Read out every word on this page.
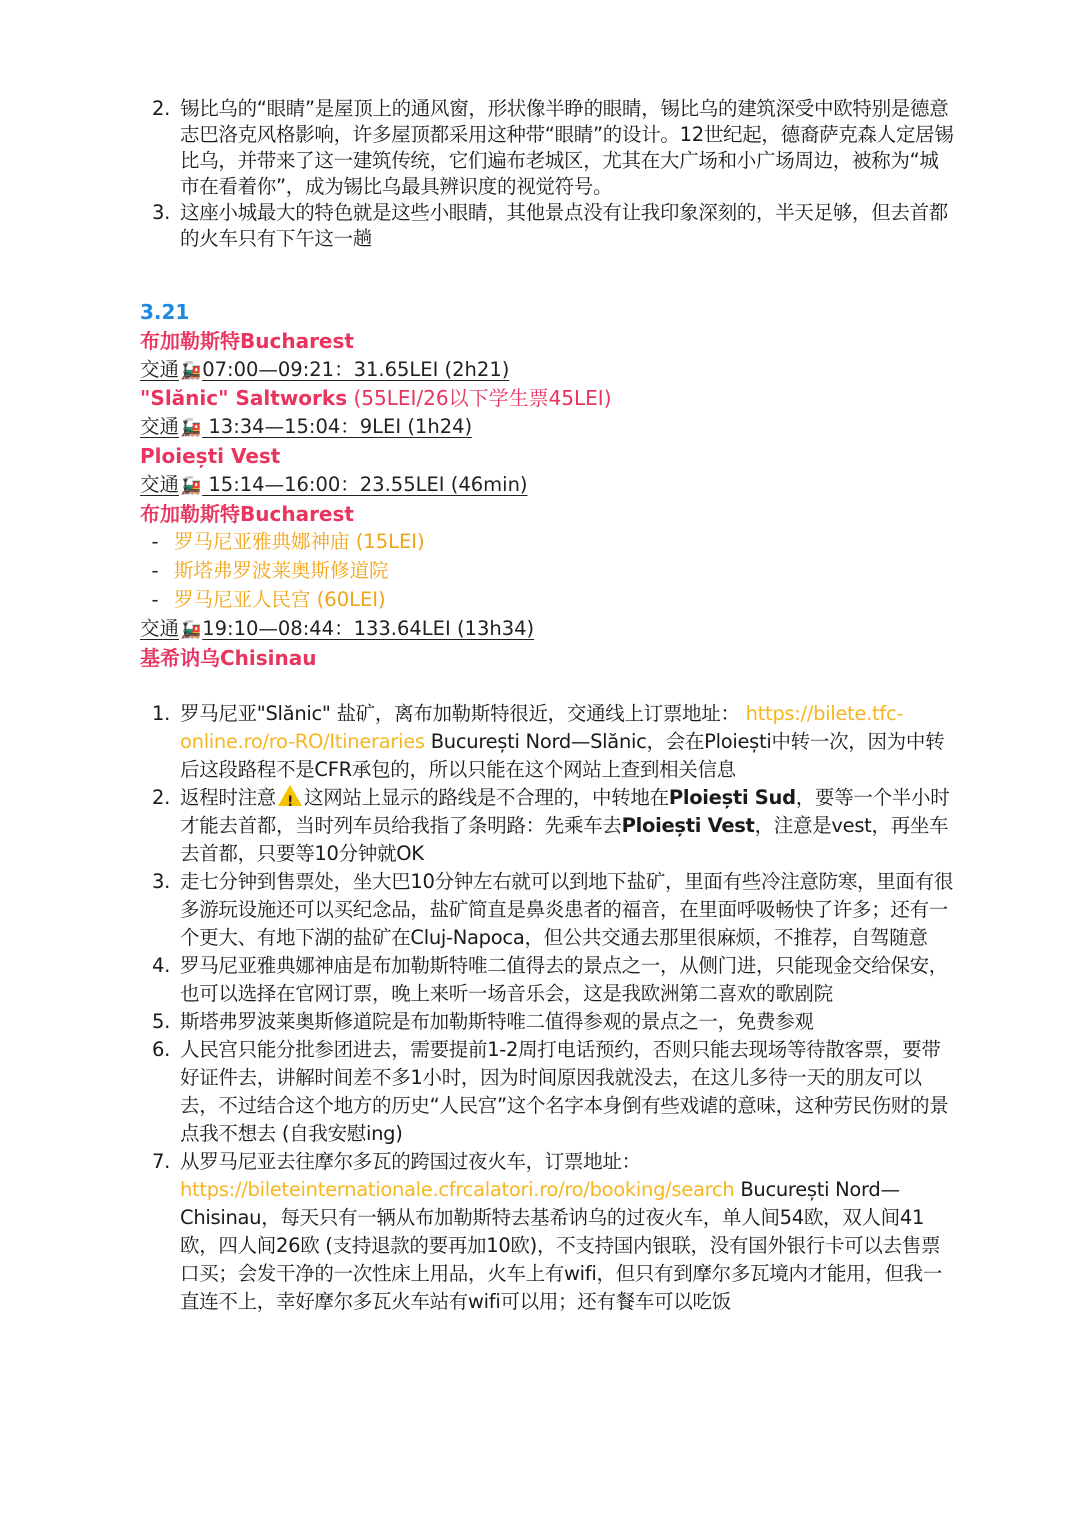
2. 锡比乌的“眼睛”是屋顶上的通风窗，形状像半睁的眼睛，锡比乌的建筑深受中欧特别是德意志巴洛克风格影响，许多屋顶都采用这种带“眼睛”的设计。12世纪起，德裔萨克森人定居锡比乌，并带来了这一建筑传统，它们遍布老城区，尤其在大广场和小广场周边，被称为“城市在看着你”，成为锡比乌最具辨识度的视觉符号。
3. 这座小城最大的特色就是这些小眼睛，其他景点没有让我印象深刻的，半天足够，但去首都的火车只有下午这一趟
3.21
布加勒斯特Bucharest
交通🚂07:00—09:21：31.65LEI (2h21)
"Slănic" Saltworks (55LEI/26以下学生票45LEI)
交通🚂 13:34—15:04：9LEI (1h24)
Ploiești Vest
交通🚂 15:14—16:00：23.55LEI (46min)
布加勒斯特Bucharest
- 罗马尼亚雅典娜神庙 (15LEI)
- 斯塔弗罗波莱奥斯修道院
- 罗马尼亚人民宫 (60LEI)
交通🚂19:10—08:44：133.64LEI (13h34)
基希讷乌Chisinau
1. 罗马尼亚"Slănic" 盐矿，离布加勒斯特很近，交通线上订票地址： https://bilete.tfc-online.ro/ro-RO/Itineraries București Nord—Slănic，会在Ploiești中转一次，因为中转后这段路程不是CFR承包的，所以只能在这个网站上查到相关信息
2. 返程时注意! 这网站上显示的路线是不合理的，中转地在Ploiești Sud，要等一个半小时才能去首都，当时列车员给我指了条明路：先乘车去Ploiești Vest，注意是vest，再坐车去首都，只要等10分钟就OK
3. 走七分钟到售票处，坐大巴10分钟左右就可以到地下盐矿，里面有些冷注意防寒，里面有很多游玩设施还可以买纪念品，盐矿简直是鼻炎患者的福音，在里面呼吸畅快了许多；还有一个更大、有地下湖的盐矿在Cluj-Napoca，但公共交通去那里很麻烦，不推荐，自驾随意
4. 罗马尼亚雅典娜神庙是布加勒斯特唯二值得去的景点之一，从侧门进，只能现金交给保安，也可以选择在官网订票，晚上来听一场音乐会，这是我欧洲第二喜欢的歌剧院
5. 斯塔弗罗波莱奥斯修道院是布加勒斯特唯二值得参观的景点之一，免费参观
6. 人民宫只能分批参团进去，需要提前1-2周打电话预约，否则只能去现场等待散客票，要带好证件去，讲解时间差不多1小时，因为时间原因我就没去，在这儿多待一天的朋友可以去，不过结合这个地方的历史“人民宫”这个名字本身倒有些戏谑的意味，这种劳民伤财的景点我不想去 (自我安慰ing)
7. 从罗马尼亚去往摩尔多瓦的跨国过夜火车，订票地址： https://bileteinternationale.cfrcalatori.ro/ro/booking/search București Nord—Chisinau，每天只有一辆从布加勒斯特去基希讷乌的过夜火车，单人间54欧，双人间41欧，四人间26欧 (支持退款的要再加10欧)，不支持国内银联，没有国外银行卡可以去售票口买；会发干净的一次性床上用品，火车上有wifi，但只有到摩尔多瓦境内才能用，但我一直连不上，幸好摩尔多瓦火车站有wifi可以用；还有餐车可以吃饭
